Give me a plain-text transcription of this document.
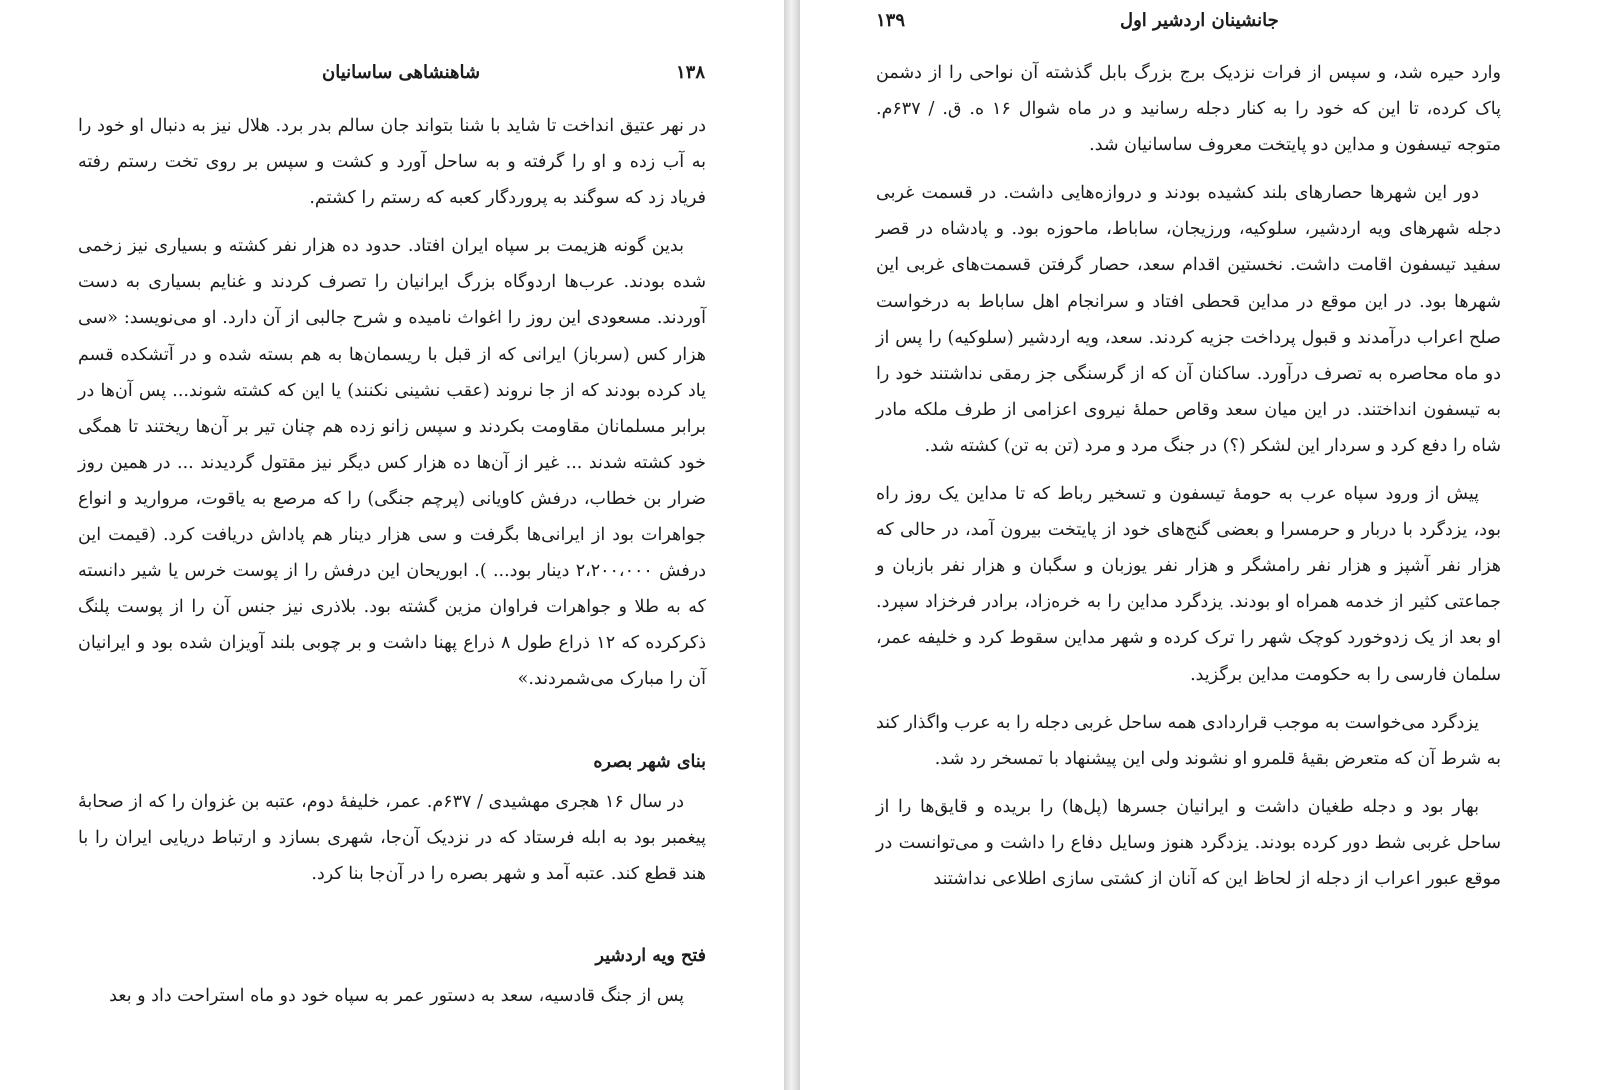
۱۳۸
شاهنشاهی ساسانیان

در نهر عتیق انداخت تا شاید با شنا بتواند جان سالم بدر برد. هلال نیز به دنبال او خود را به آب زده و او را گرفته و به ساحل آورد و کشت و سپس بر روی تخت رستم رفته فریاد زد که سوگند به پروردگار کعبه که رستم را کشتم.

بدین گونه هزیمت بر سپاه ایران افتاد. حدود ده هزار نفر کشته و بسیاری نیز زخمی شده بودند. عرب‌ها اردوگاه بزرگ ایرانیان را تصرف کردند و غنایم بسیاری به دست آوردند. مسعودی این روز را اغواث نامیده و شرح جالبی از آن دارد. او می‌نویسد: «سی هزار کس (سرباز) ایرانی که از قبل با ریسمان‌ها به هم بسته شده و در آتشکده قسم یاد کرده بودند که از جا نروند (عقب نشینی نکنند) یا این که کشته شوند... پس آن‌ها در برابر مسلمانان مقاومت بکردند و سپس زانو زده هم چنان تیر بر آن‌ها ریختند تا همگی خود کشته شدند ... غیر از آن‌ها ده هزار کس دیگر نیز مقتول گردیدند ... در همین روز ضرار بن خطاب، درفش کاویانی (پرچم جنگی) را که مرصع به یاقوت، مروارید و انواع جواهرات بود از ایرانی‌ها بگرفت و سی هزار دینار هم پاداش دریافت کرد. (قیمت این درفش ۲،۲۰۰،۰۰۰ دینار بود... ). ابوریحان این درفش را از پوست خرس یا شیر دانسته که به طلا و جواهرات فراوان مزین گشته بود. بلاذری نیز جنس آن را از پوست پلنگ ذکرکرده که ۱۲ ذراع طول ۸ ذراع پهنا داشت و بر چوبی بلند آویزان شده بود و ایرانیان آن را مبارک می‌شمردند.»

بنای شهر بصره

در سال ۱۶ هجری مهشیدی / ۶۳۷م. عمر، خلیفهٔ دوم، عتبه بن غزوان را که از صحابهٔ پیغمبر بود به ابله فرستاد که در نزدیک آن‌جا، شهری بسازد و ارتباط دریایی ایران را با هند قطع کند. عتبه آمد و شهر بصره را در آن‌جا بنا کرد.

فتح ویه اردشیر

پس از جنگ قادسیه، سعد به دستور عمر به سپاه خود دو ماه استراحت داد و بعد

جانشینان اردشیر اول
۱۳۹

وارد حیره شد، و سپس از فرات نزدیک برج بزرگ بابل گذشته آن نواحی را از دشمن پاک کرده، تا این که خود را به کنار دجله رسانید و در ماه شوال ۱۶ ه. ق. / ۶۳۷م. متوجه تیسفون و مداین دو پایتخت معروف ساسانیان شد.

دور این شهرها حصارهای بلند کشیده بودند و دروازه‌هایی داشت. در قسمت غربی دجله شهرهای ویه اردشیر، سلوکیه، ورزیجان، ساباط، ماحوزه بود. و پادشاه در قصر سفید تیسفون اقامت داشت. نخستین اقدام سعد، حصار گرفتن قسمت‌های غربی این شهرها بود. در این موقع در مداین قحطی افتاد و سرانجام اهل ساباط به درخواست صلح اعراب درآمدند و قبول پرداخت جزیه کردند. سعد، ویه اردشیر (سلوکیه) را پس از دو ماه محاصره به تصرف درآورد. ساکنان آن که از گرسنگی جز رمقی نداشتند خود را به تیسفون انداختند. در این میان سعد وقاص حملهٔ نیروی اعزامی از طرف ملکه مادر شاه را دفع کرد و سردار این لشکر (؟) در جنگ مرد و مرد (تن به تن) کشته شد.

پیش از ورود سپاه عرب به حومهٔ تیسفون و تسخیر رباط که تا مداین یک روز راه بود، یزدگرد با دربار و حرمسرا و بعضی گنج‌های خود از پایتخت بیرون آمد، در حالی که هزار نفر آشپز و هزار نفر رامشگر و هزار نفر یوزبان و سگبان و هزار نفر بازبان و جماعتی کثیر از خدمه همراه او بودند. یزدگرد مداین را به خره‌زاد، برادر فرخزاد سپرد. او بعد از یک زدوخورد کوچک شهر را ترک کرده و شهر مداین سقوط کرد و خلیفه عمر، سلمان فارسی را به حکومت مداین برگزید.

یزدگرد می‌خواست به موجب قراردادی همه ساحل غربی دجله را به عرب واگذار کند به شرط آن که متعرض بقیهٔ قلمرو او نشوند ولی این پیشنهاد با تمسخر رد شد.

بهار بود و دجله طغیان داشت و ایرانیان جسرها (پل‌ها) را بریده و قایق‌ها را از ساحل غربی شط دور کرده بودند. یزدگرد هنوز وسایل دفاع را داشت و می‌توانست در موقع عبور اعراب از دجله از لحاظ این که آنان از کشتی سازی اطلاعی نداشتند
